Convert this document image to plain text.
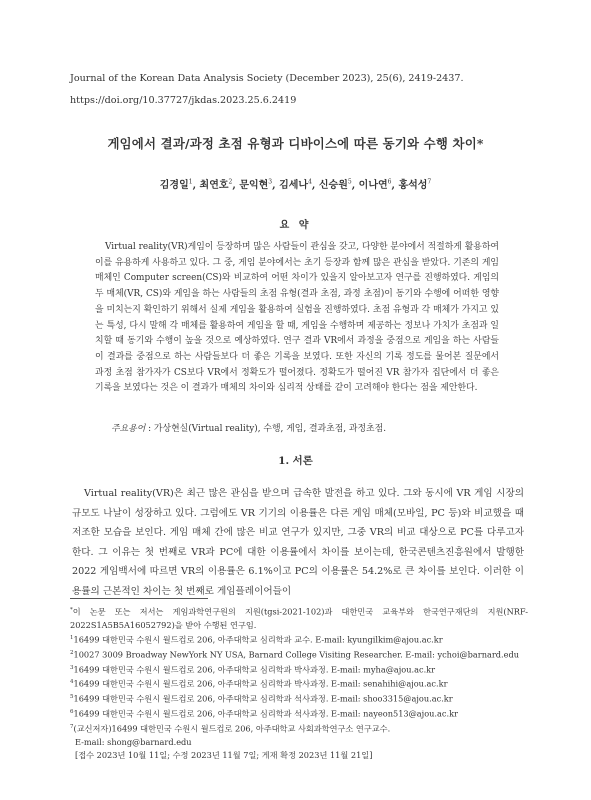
Journal of the Korean Data Analysis Society (December 2023), 25(6), 2419-2437.
https://doi.org/10.37727/jkdas.2023.25.6.2419
게임에서 결과/과정 초점 유형과 디바이스에 따른 동기와 수행 차이*
김경일$^1$, 최연호$^2$, 문익현$^3$, 김세나$^4$, 신승원$^5$, 이나연$^6$, 홍석성$^7$
요 약
Virtual reality(VR)게임이 등장하며 많은 사람들이 관심을 갖고, 다양한 분야에서 적절하게 활용하여 이를 유용하게 사용하고 있다. 그 중, 게임 분야에서는 초기 등장과 함께 많은 관심을 받았다. 기존의 게임 매체인 Computer screen(CS)와 비교하여 어떤 차이가 있을지 알아보고자 연구를 진행하였다. 게임의 두 매체(VR, CS)와 게임을 하는 사람들의 초점 유형(결과 초점, 과정 초점)이 동기와 수행에 어떠한 영향을 미치는지 확인하기 위해서 실제 게임을 활용하여 실험을 진행하였다. 초점 유형과 각 매체가 가지고 있는 특성, 다시 말해 각 매체를 활용하여 게임을 할 때, 게임을 수행하며 제공하는 정보나 가치가 초점과 일치할 때 동기와 수행이 높을 것으로 예상하였다. 연구 결과 VR에서 과정을 중점으로 게임을 하는 사람들이 결과를 중점으로 하는 사람들보다 더 좋은 기록을 보였다. 또한 자신의 기록 정도를 물어본 질문에서 과정 초점 참가자가 CS보다 VR에서 정확도가 떨어졌다. 정확도가 떨어진 VR 참가자 집단에서 더 좋은 기록을 보였다는 것은 이 결과가 매체의 차이와 심리적 상태를 같이 고려해야 한다는 점을 제안한다.
주요용어 : 가상현실(Virtual reality), 수행, 게임, 결과초점, 과정초점.
1. 서론
Virtual reality(VR)은 최근 많은 관심을 받으며 급속한 발전을 하고 있다. 그와 동시에 VR 게임 시장의 규모도 나날이 성장하고 있다. 그럼에도 VR 기기의 이용률은 다른 게임 매체(모바일, PC 등)와 비교했을 때 저조한 모습을 보인다. 게임 매체 간에 많은 비교 연구가 있지만, 그중 VR의 비교 대상으로 PC를 다루고자 한다. 그 이유는 첫 번째로 VR과 PC에 대한 이용률에서 차이를 보이는데, 한국콘텐츠진흥원에서 발행한 2022 게임백서에 따르면 VR의 이용률은 6.1%이고 PC의 이용률은 54.2%로 큰 차이를 보인다. 이러한 이용률의 근본적인 차이는 첫 번째로 게임플레이어들이
*이 논문 또는 저서는 게임과학연구원의 지원(tgsi-2021-102)과 대한민국 교육부와 한국연구재단의 지원(NRF-2022S1A5B5A16052792)을 받아 수행된 연구임.
$^1$16499 대한민국 수원시 월드컵로 206, 아주대학교 심리학과 교수. E-mail: kyungilkim@ajou.ac.kr
$^2$10027 3009 Broadway NewYork NY USA, Barnard College Visiting Researcher. E-mail: ychoi@barnard.edu
$^3$16499 대한민국 수원시 월드컵로 206, 아주대학교 심리학과 박사과정. E-mail: myha@ajou.ac.kr
$^4$16499 대한민국 수원시 월드컵로 206, 아주대학교 심리학과 박사과정. E-mail: senahihi@ajou.ac.kr
$^5$16499 대한민국 수원시 월드컵로 206, 아주대학교 심리학과 석사과정. E-mail: shoo3315@ajou.ac.kr
$^6$16499 대한민국 수원시 월드컵로 206, 아주대학교 심리학과 석사과정. E-mail: nayeon513@ajou.ac.kr
$^7$(교신저자)16499 대한민국 수원시 월드컵로 206, 아주대학교 사회과학연구소 연구교수.
E-mail: shong@barnard.edu
[접수 2023년 10월 11일; 수정 2023년 11월 7일; 게재 확정 2023년 11월 21일]
